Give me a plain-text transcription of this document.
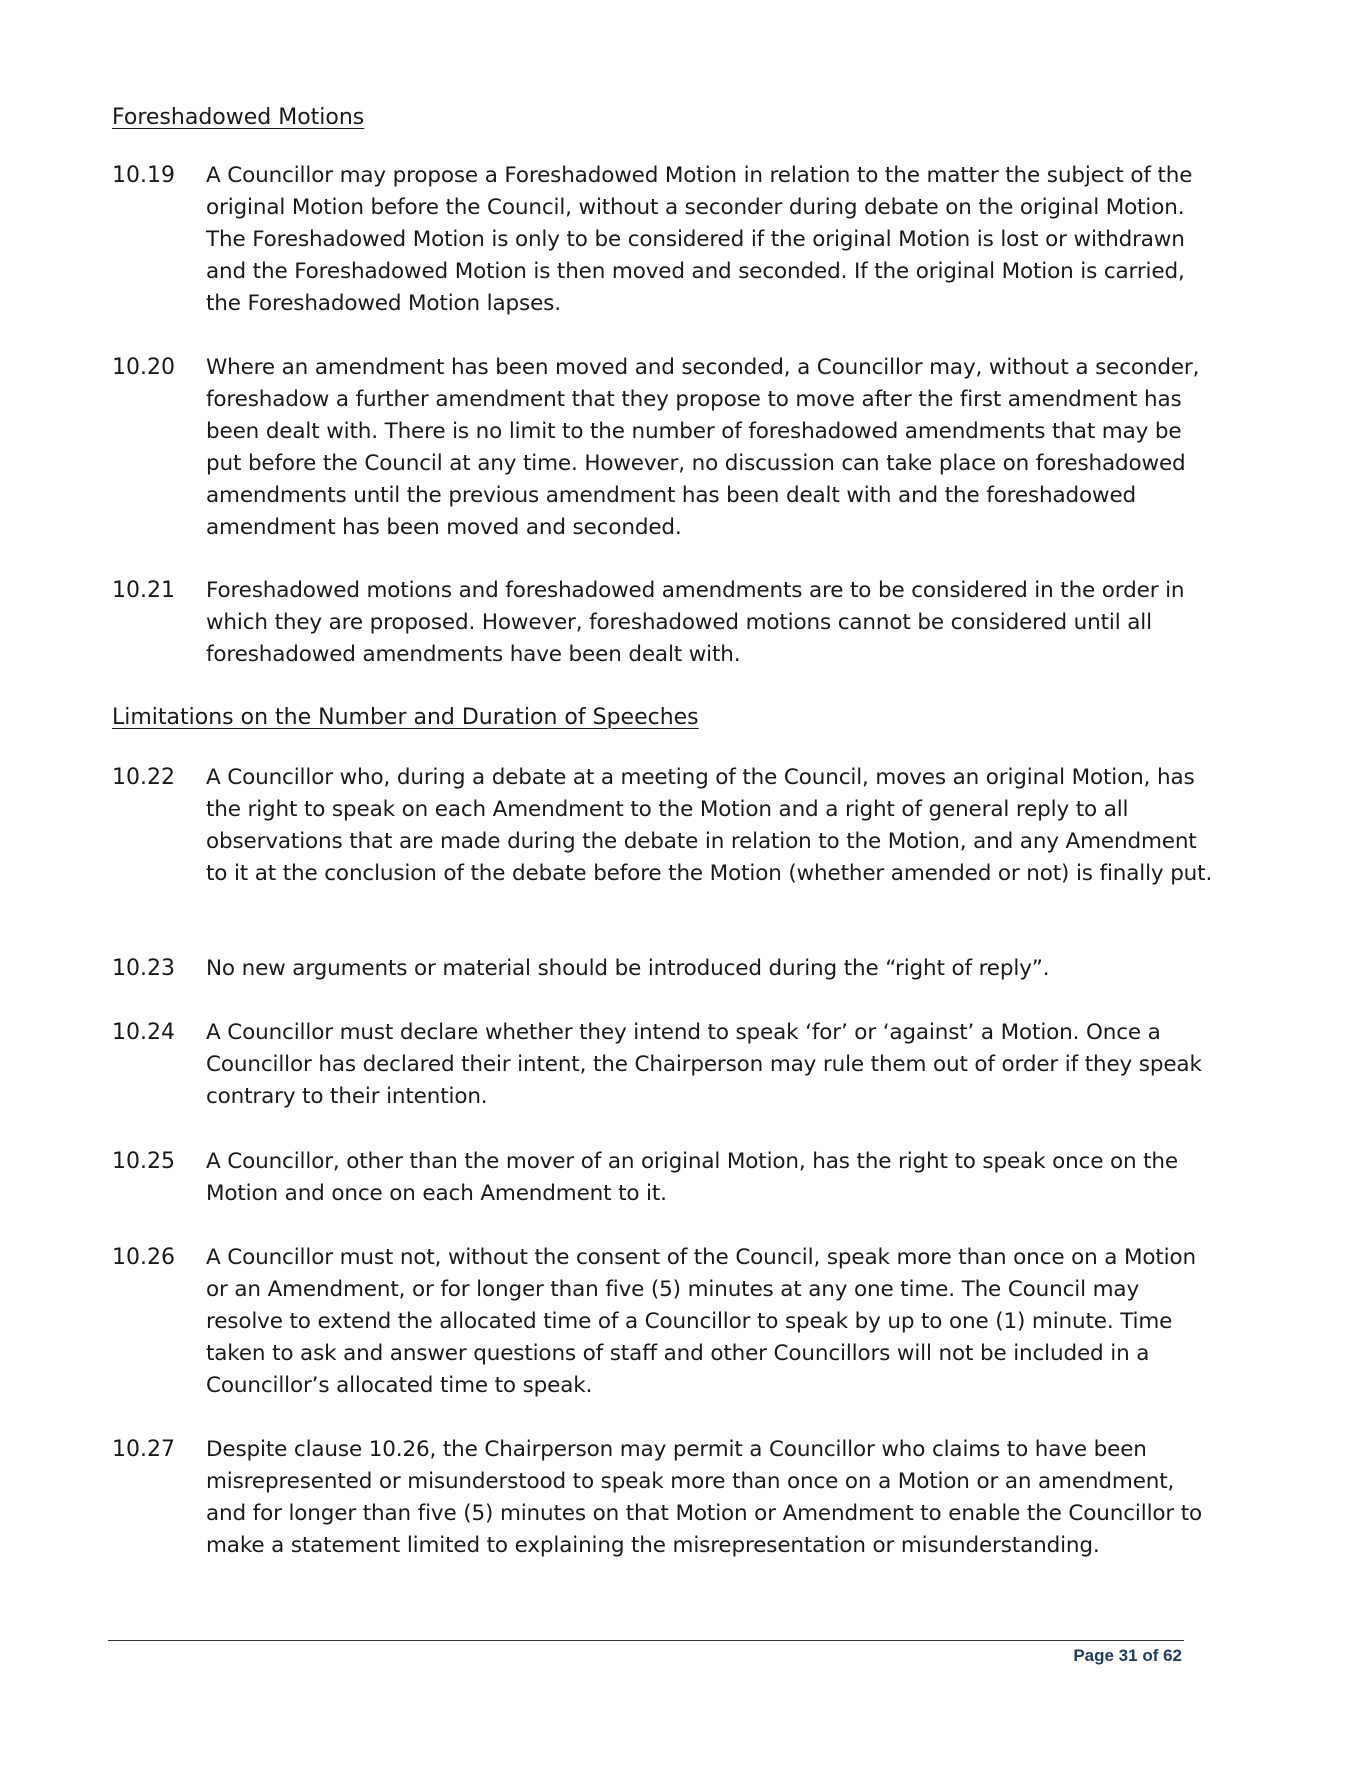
Foreshadowed Motions
10.19 A Councillor may propose a Foreshadowed Motion in relation to the matter the subject of the original Motion before the Council, without a seconder during debate on the original Motion. The Foreshadowed Motion is only to be considered if the original Motion is lost or withdrawn and the Foreshadowed Motion is then moved and seconded. If the original Motion is carried, the Foreshadowed Motion lapses.
10.20 Where an amendment has been moved and seconded, a Councillor may, without a seconder, foreshadow a further amendment that they propose to move after the first amendment has been dealt with. There is no limit to the number of foreshadowed amendments that may be put before the Council at any time. However, no discussion can take place on foreshadowed amendments until the previous amendment has been dealt with and the foreshadowed amendment has been moved and seconded.
10.21 Foreshadowed motions and foreshadowed amendments are to be considered in the order in which they are proposed. However, foreshadowed motions cannot be considered until all foreshadowed amendments have been dealt with.
Limitations on the Number and Duration of Speeches
10.22 A Councillor who, during a debate at a meeting of the Council, moves an original Motion, has the right to speak on each Amendment to the Motion and a right of general reply to all observations that are made during the debate in relation to the Motion, and any Amendment to it at the conclusion of the debate before the Motion (whether amended or not) is finally put.
10.23 No new arguments or material should be introduced during the “right of reply”.
10.24 A Councillor must declare whether they intend to speak ‘for’ or ‘against’ a Motion. Once a Councillor has declared their intent, the Chairperson may rule them out of order if they speak contrary to their intention.
10.25 A Councillor, other than the mover of an original Motion, has the right to speak once on the Motion and once on each Amendment to it.
10.26 A Councillor must not, without the consent of the Council, speak more than once on a Motion or an Amendment, or for longer than five (5) minutes at any one time. The Council may resolve to extend the allocated time of a Councillor to speak by up to one (1) minute. Time taken to ask and answer questions of staff and other Councillors will not be included in a Councillor’s allocated time to speak.
10.27 Despite clause 10.26, the Chairperson may permit a Councillor who claims to have been misrepresented or misunderstood to speak more than once on a Motion or an amendment, and for longer than five (5) minutes on that Motion or Amendment to enable the Councillor to make a statement limited to explaining the misrepresentation or misunderstanding.
Page 31 of 62
